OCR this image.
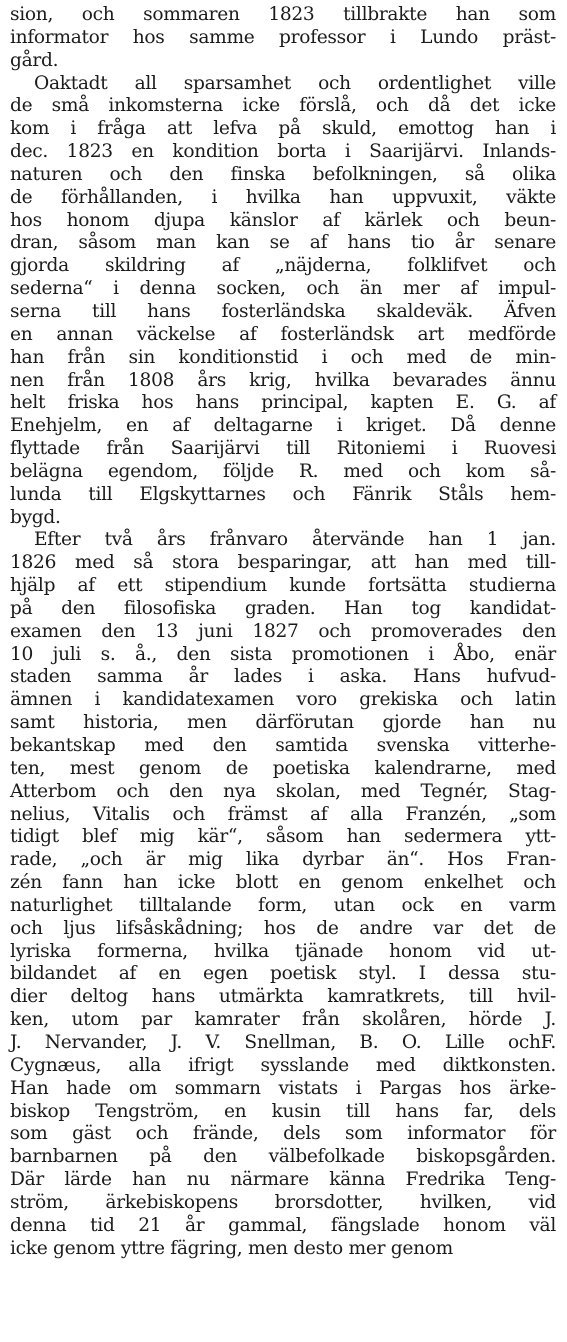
sion, och sommaren 1823 tillbrakte han som
informator hos samme professor i Lundo präst-
gård.
Oaktadt all sparsamhet och ordentlighet ville
de små inkomsterna icke förslå, och då det icke
kom i fråga att lefva på skuld, emottog han i
dec. 1823 en kondition borta i Saarijärvi. Inlands-
naturen och den finska befolkningen, så olika
de förhållanden, i hvilka han uppvuxit, väkte
hos honom djupa känslor af kärlek och beun-
dran, såsom man kan se af hans tio år senare
gjorda skildring af „näjderna, folklifvet och
sederna“ i denna socken, och än mer af impul-
serna till hans fosterländska skaldeväk. Äfven
en annan väckelse af fosterländsk art medförde
han från sin konditionstid i och med de min-
nen från 1808 års krig, hvilka bevarades ännu
helt friska hos hans principal, kapten E. G. af
Enehjelm, en af deltagarne i kriget. Då denne
flyttade från Saarijärvi till Ritoniemi i Ruovesi
belägna egendom, följde R. med och kom så-
lunda till Elgskyttarnes och Fänrik Ståls hem-
bygd.
Efter två års frånvaro återvände han 1 jan.
1826 med så stora besparingar, att han med till-
hjälp af ett stipendium kunde fortsätta studierna
på den filosofiska graden. Han tog kandidat-
examen den 13 juni 1827 och promoverades den
10 juli s. å., den sista promotionen i Åbo, enär
staden samma år lades i aska. Hans hufvud-
ämnen i kandidatexamen voro grekiska och latin
samt historia, men därförutan gjorde han nu
bekantskap med den samtida svenska vitterhe-
ten, mest genom de poetiska kalendrarne, med
Atterbom och den nya skolan, med Tegnér, Stag-
nelius, Vitalis och främst af alla Franzén, „som
tidigt blef mig kär“, såsom han sedermera ytt-
rade, „och är mig lika dyrbar än“. Hos Fran-
zén fann han icke blott en genom enkelhet och
naturlighet tilltalande form, utan ock en varm
och ljus lifsåskådning; hos de andre var det de
lyriska formerna, hvilka tjänade honom vid ut-
bildandet af en egen poetisk styl. I dessa stu-
dier deltog hans utmärkta kamratkrets, till hvil-
ken, utom par kamrater från skolåren, hörde J.
J. Nervander, J. V. Snellman, B. O. Lille ochF.
Cygnæus, alla ifrigt sysslande med diktkonsten.
Han hade om sommarn vistats i Pargas hos ärke-
biskop Tengström, en kusin till hans far, dels
som gäst och frände, dels som informator för
barnbarnen på den välbefolkade biskopsgården.
Där lärde han nu närmare känna Fredrika Teng-
ström, ärkebiskopens brorsdotter, hvilken, vid
denna tid 21 år gammal, fängslade honom väl
icke genom yttre fägring, men desto mer genom
